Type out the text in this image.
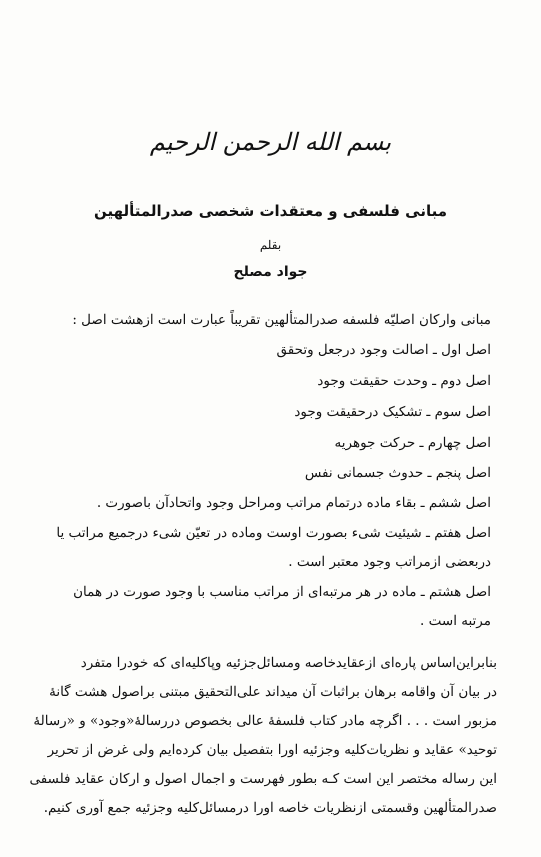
بسم الله الرحمن الرحیم
مبانی فلسفی و معتقدات شخصی صدرالمتألهین
بقلم
جواد مصلح
مبانی وارکان اصلیّه فلسفه صدرالمتألهین تقریباً عبارت است ازهشت اصل :
اصل اول ـ اصالت وجود درجعل وتحقق
اصل دوم ـ وحدت حقیقت وجود
اصل سوم ـ تشکیک درحقیقت وجود
اصل چهارم ـ حرکت جوهریه
اصل پنجم ـ حدوث جسمانی نفس
اصل ششم ـ بقاء ماده درتمام مراتب ومراحل وجود واتحادآن باصورت .
اصل هفتم ـ شیئیت شیء بصورت اوست وماده در تعیّن شیء درجمیع مراتب یا
دربعضی ازمراتب وجود معتبر است .
اصل هشتم ـ ماده در هر مرتبه‌ای از مراتب مناسب با وجود صورت در همان
مرتبه است .
بنابراین‌اساس پاره‌ای ازعقایدخاصه ومسائل‌جزئیه وپاکلیه‌ای که خودرا متفرد
در بیان آن واقامه برهان براثبات آن میداند علی‌التحقیق مبتنی براصول هشت گانهٔ
مزبور است . . . اگرچه مادر کتاب فلسفهٔ عالی بخصوص دررسالهٔ«وجود» و «رسالهٔ
توحید» عقاید و نظریات‌کلیه وجزئیه اورا بتفصیل بیان کرده‌ایم ولی غرض از تحریر
این رساله مختصر این است کـه بطور فهرست و اجمال اصول و ارکان عقاید فلسفی
صدرالمتألهین وقسمتی ازنظریات خاصه اورا درمسائل‌کلیه وجزئیه جمع آوری کنیم.
